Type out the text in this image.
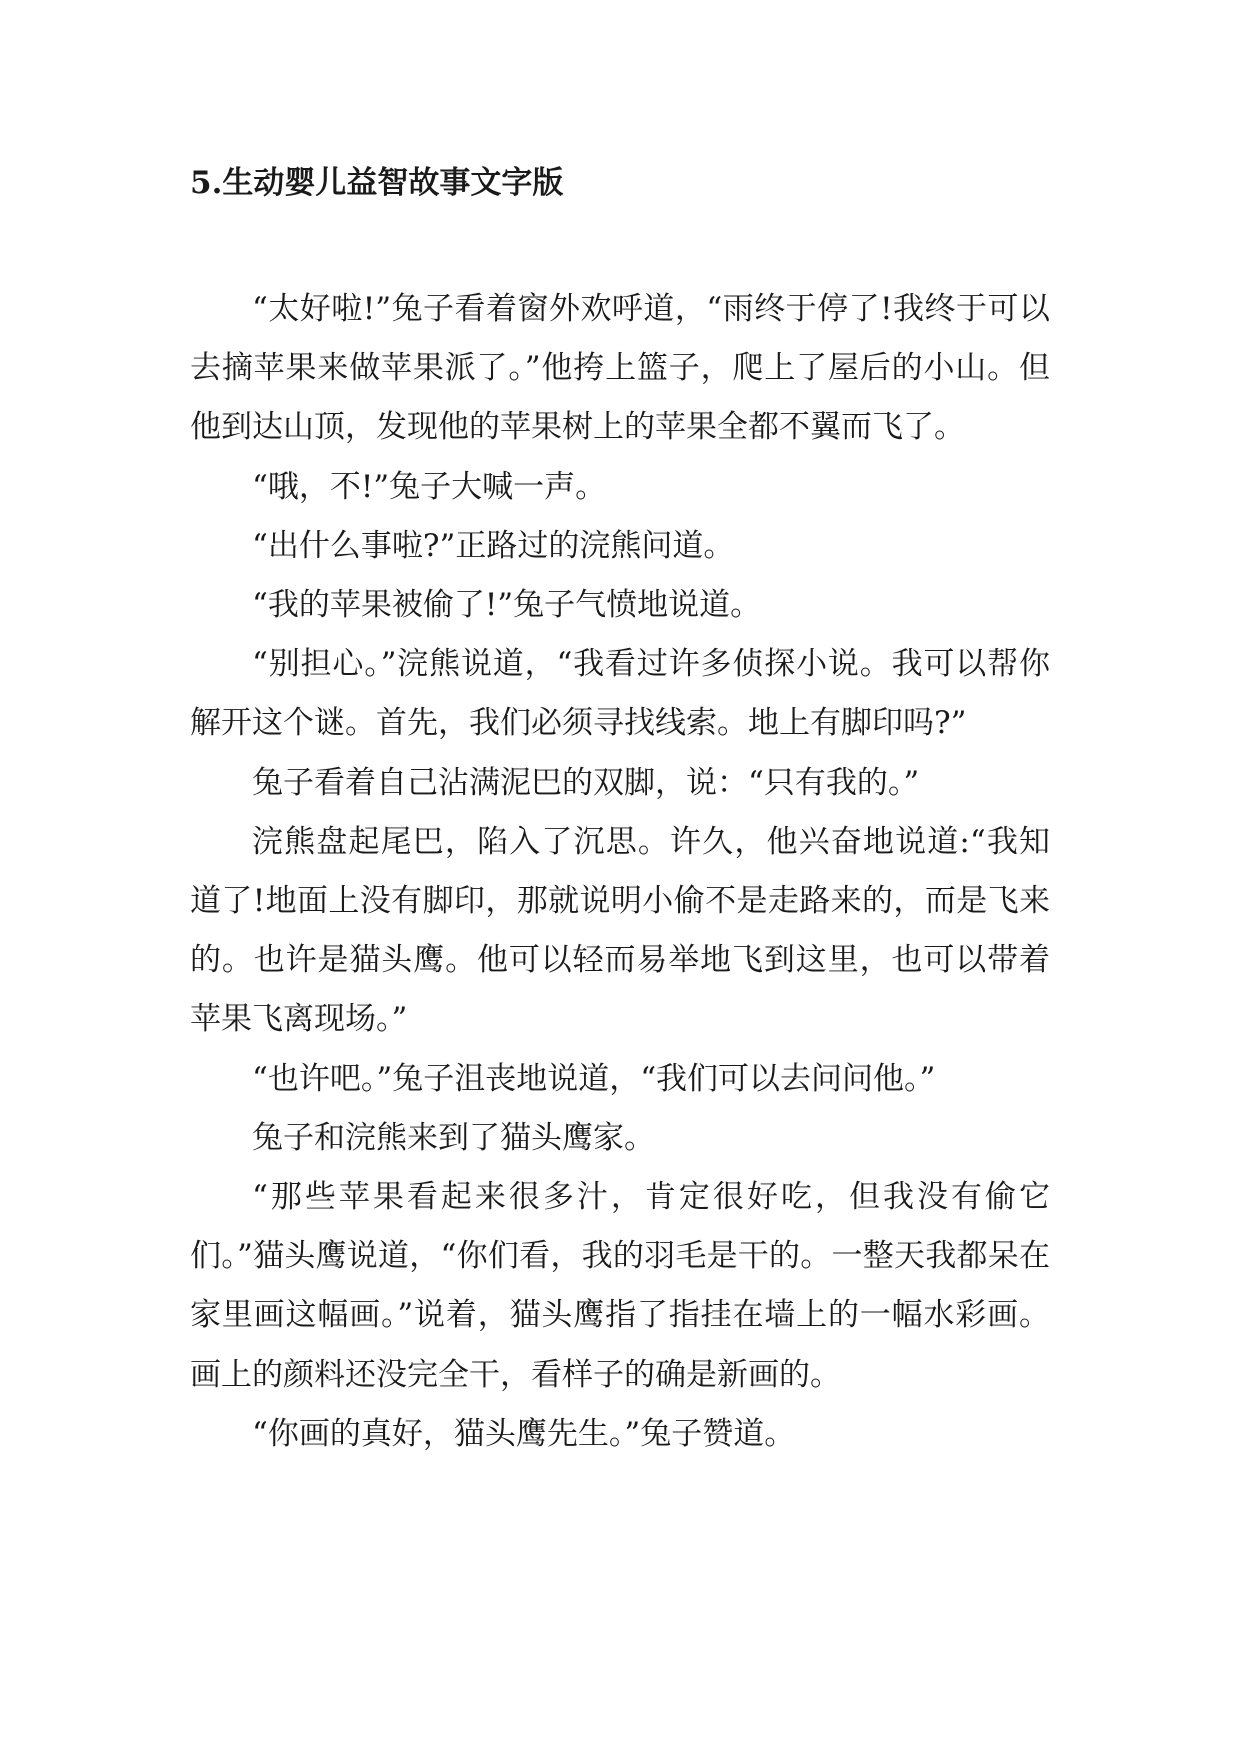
5.生动婴儿益智故事文字版

“太好啦!”兔子看着窗外欢呼道，“雨终于停了!我终于可以去摘苹果来做苹果派了。”他挎上篮子，爬上了屋后的小山。但他到达山顶，发现他的苹果树上的苹果全都不翼而飞了。

“哦，不!”兔子大喊一声。

“出什么事啦?”正路过的浣熊问道。

“我的苹果被偷了!”兔子气愤地说道。

“别担心。”浣熊说道，“我看过许多侦探小说。我可以帮你解开这个谜。首先，我们必须寻找线索。地上有脚印吗?”

兔子看着自己沾满泥巴的双脚，说：“只有我的。”

浣熊盘起尾巴，陷入了沉思。许久，他兴奋地说道:“我知道了!地面上没有脚印，那就说明小偷不是走路来的，而是飞来的。也许是猫头鹰。他可以轻而易举地飞到这里，也可以带着苹果飞离现场。”

“也许吧。”兔子沮丧地说道，“我们可以去问问他。”

兔子和浣熊来到了猫头鹰家。

“那些苹果看起来很多汁，肯定很好吃，但我没有偷它们。”猫头鹰说道，“你们看，我的羽毛是干的。一整天我都呆在家里画这幅画。”说着，猫头鹰指了指挂在墙上的一幅水彩画。画上的颜料还没完全干，看样子的确是新画的。

“你画的真好，猫头鹰先生。”兔子赞道。
